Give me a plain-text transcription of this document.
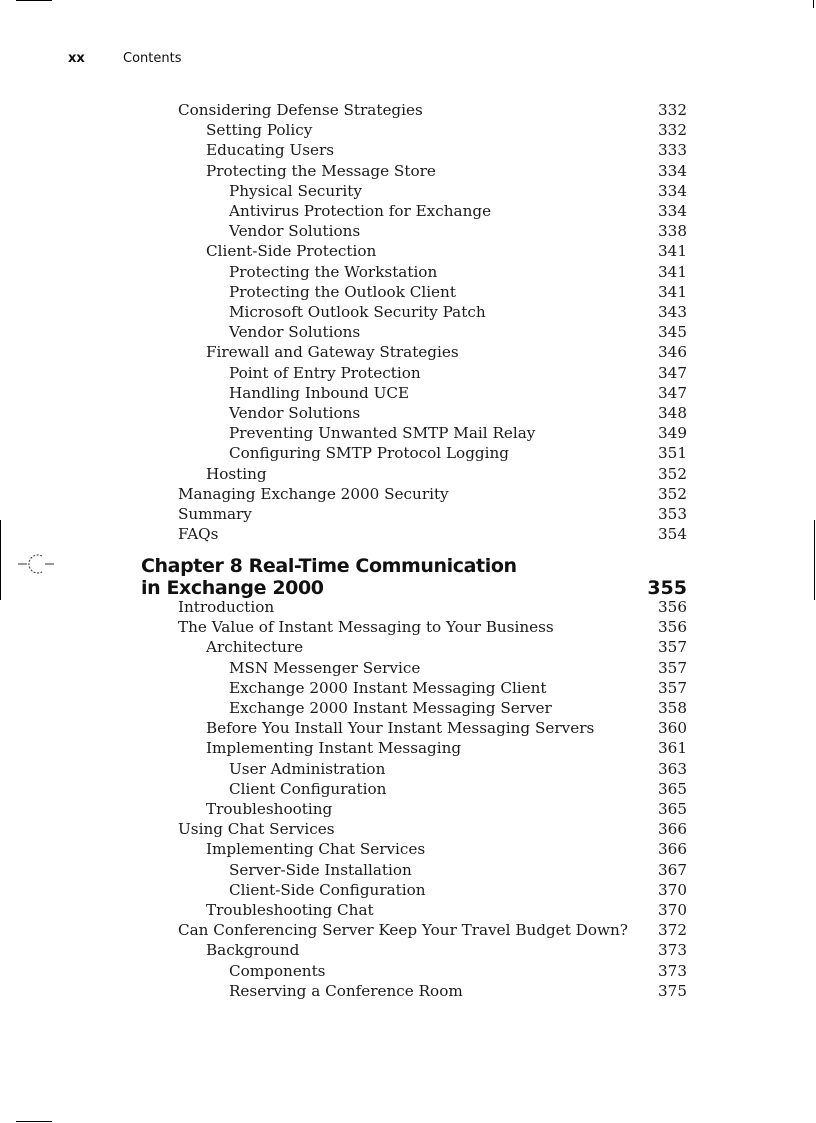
xx	Contents
Considering Defense Strategies	332
Setting Policy	332
Educating Users	333
Protecting the Message Store	334
Physical Security	334
Antivirus Protection for Exchange	334
Vendor Solutions	338
Client-Side Protection	341
Protecting the Workstation	341
Protecting the Outlook Client	341
Microsoft Outlook Security Patch	343
Vendor Solutions	345
Firewall and Gateway Strategies	346
Point of Entry Protection	347
Handling Inbound UCE	347
Vendor Solutions	348
Preventing Unwanted SMTP Mail Relay	349
Configuring SMTP Protocol Logging	351
Hosting	352
Managing Exchange 2000 Security	352
Summary	353
FAQs	354
Chapter 8 Real-Time Communication
in Exchange 2000	355
Introduction	356
The Value of Instant Messaging to Your Business	356
Architecture	357
MSN Messenger Service	357
Exchange 2000 Instant Messaging Client	357
Exchange 2000 Instant Messaging Server	358
Before You Install Your Instant Messaging Servers	360
Implementing Instant Messaging	361
User Administration	363
Client Configuration	365
Troubleshooting	365
Using Chat Services	366
Implementing Chat Services	366
Server-Side Installation	367
Client-Side Configuration	370
Troubleshooting Chat	370
Can Conferencing Server Keep Your Travel Budget Down? 372
Background	373
Components	373
Reserving a Conference Room	375
